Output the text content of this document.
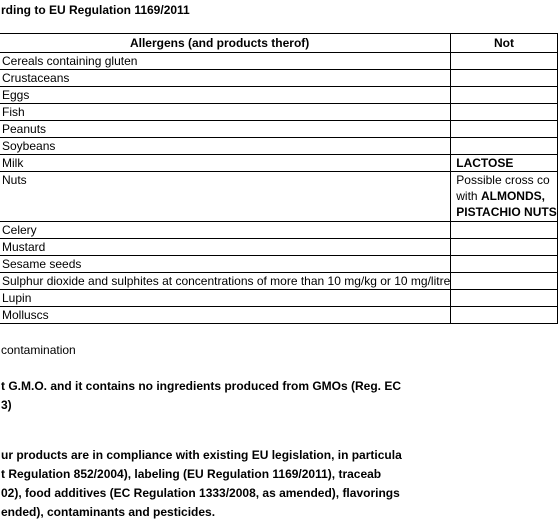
rding to EU Regulation 1169/2011
Allergens (and products therof)	Not
Cereals containing gluten	
Crustaceans	
Eggs	
Fish	
Peanuts	
Soybeans	
Milk	LACTOSE
Nuts	Possible cross co
with ALMONDS,
PISTACHIO NUTS

Celery	
Mustard	
Sesame seeds	
Sulphur dioxide and sulphites at concentrations of more than 10 mg/kg or 10 mg/litre	
Lupin	
Molluscs	
contamination
t G.M.O. and it contains no ingredients produced from GMOs (Reg. EC
3)
ur products are in compliance with existing EU legislation, in particula
t Regulation 852/2004), labeling (EU Regulation 1169/2011), traceab
02), food additives (EC Regulation 1333/2008, as amended), flavorings
ended), contaminants and pesticides.
